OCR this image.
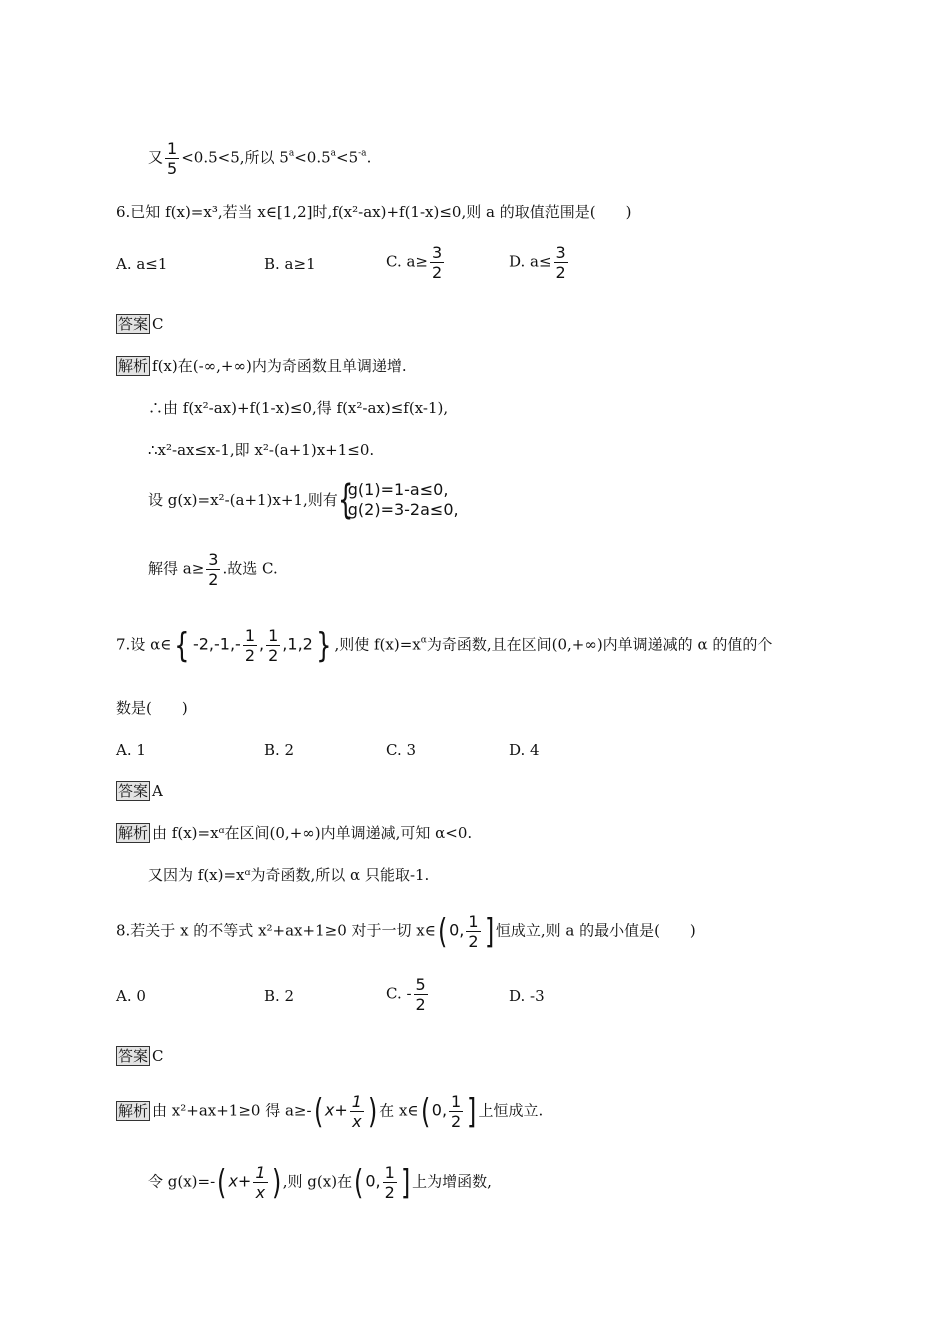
又 $\frac{1}{5} <0.5<5$,所以 $5^a<0.5^a<5^{-a}$.
6.已知 f(x)=x³,若当 x∈[1,2]时,f(x²-ax)+f(1-x)≤0,则 a 的取值范围是(　　)
A. a≤1	B. a≥1	C. $a\ge \frac{3}{2}$	D. $a\le \frac{3}{2}$
答案 C
解析 f(x)在(-∞,+∞)内为奇函数且单调递增.
∴由 f(x²-ax)+f(1-x)≤0,得 f(x²-ax)≤f(x-1),
∴x²-ax≤x-1,即 x²-(a+1)x+1≤0.
设 g(x)=x²-(a+1)x+1,则有 {
g(1)=1-a≤0,
g(2)=3-2a≤0,
解得 $a\ge \frac{3}{2}$ .故选 C.
7.设 α∈{ $-2,-1,- \frac{1}{2}$ , $\frac{1}{2} ,1,2$} ,则使 $f(x)=x^\alpha$为奇函数,且在区间(0,+∞)内单调递减的 α 的值的个
数是(　　)
A. 1	B. 2	C. 3	D. 4
答案 A
解析 由 f(x)=xᵅ在区间(0,+∞)内单调递减,可知 α<0.
又因为 f(x)=xᵅ为奇函数,所以 α 只能取-1.
8.若关于 x 的不等式 x²+ax+1≥0 对于一切 x∈( 0, $\frac{1}{2}$ ] 恒成立,则 a 的最小值是(　　)
A. 0	B. 2	C. - $\frac{5}{2}$	D. -3
答案 C
解析 由 x²+ax+1≥0 得 a≥-( $x+ \frac{1}{x}$ ) 在 x∈( 0, $\frac{1}{2}$ ] 上恒成立.
令 g(x)=-( $x+ \frac{1}{x}$ ) ,则 g(x)在( 0, $\frac{1}{2}$ ] 上为增函数,
